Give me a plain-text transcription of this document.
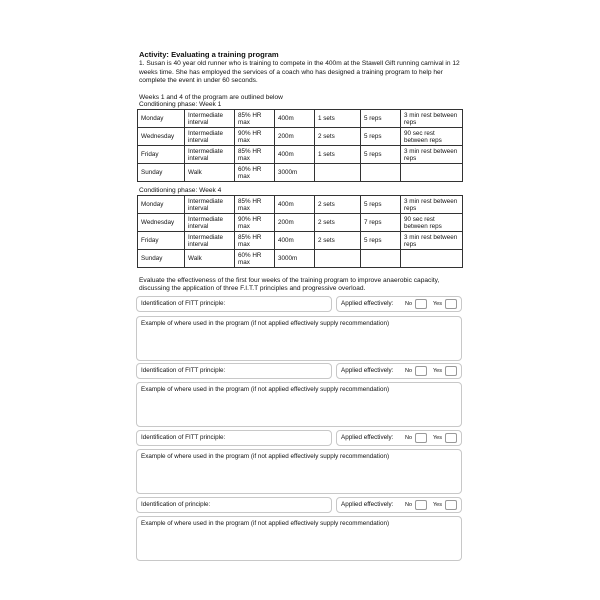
Activity: Evaluating a training program
1. Susan is 40 year old runner who is training to compete in the 400m at the Stawell Gift running carnival in 12 weeks time. She has employed the services of a coach who has designed a training program to help her complete the event in under 60 seconds.
Weeks 1 and 4 of the program are outlined below
Conditioning phase: Week 1
Monday	Intermediate interval	85% HR max	400m	1 sets	5 reps	3 min rest between reps
Wednesday	Intermediate interval	90% HR max	200m	2 sets	5 reps	90 sec rest between reps
Friday	Intermediate interval	85% HR max	400m	1 sets	5 reps	3 min rest between reps
Sunday	Walk	60% HR max	3000m			
Conditioning phase: Week 4
Monday	Intermediate interval	85% HR max	400m	2 sets	5 reps	3 min rest between reps
Wednesday	Intermediate interval	90% HR max	200m	2 sets	7 reps	90 sec rest between reps
Friday	Intermediate interval	85% HR max	400m	2 sets	5 reps	3 min rest between reps
Sunday	Walk	60% HR max	3000m			
Evaluate the effectiveness of the first four weeks of the training program to improve anaerobic capacity, discussing the application of three F.I.T.T principles and progressive overload.
Identification of FITT principle:	Applied effectively: No	Yes
Example of where used in the program (if not applied effectively supply recommendation)
Identification of FITT principle:	Applied effectively: No	Yes
Example of where used in the program (if not applied effectively supply recommendation)
Identification of FITT principle:	Applied effectively: No	Yes
Example of where used in the program (if not applied effectively supply recommendation)
Identification of principle:	Applied effectively: No	Yes
Example of where used in the program (if not applied effectively supply recommendation)
